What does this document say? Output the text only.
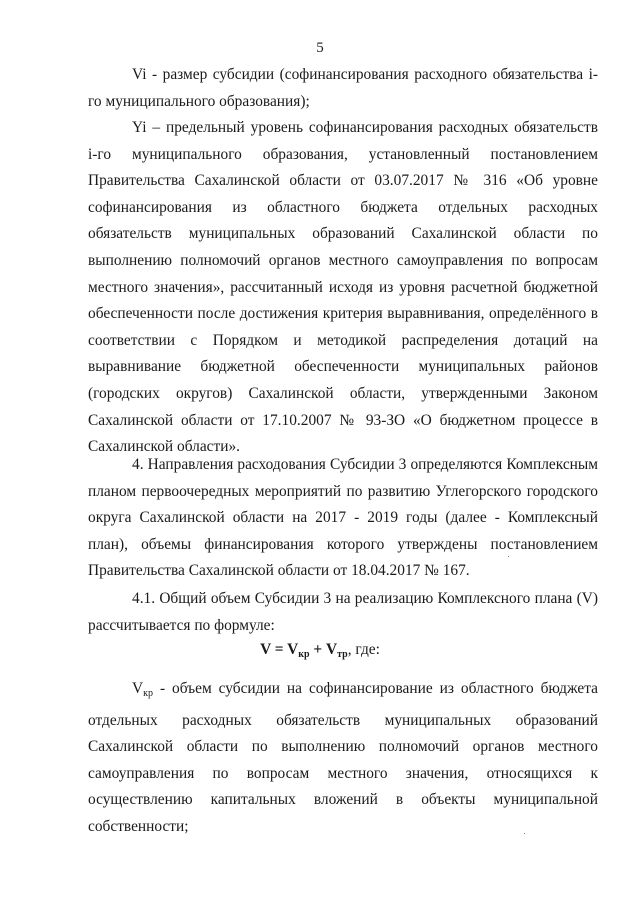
5

Vi - размер субсидии (софинансирования расходного обязательства i-го муниципального образования);

Yi – предельный уровень софинансирования расходных обязательств i-го муниципального образования, установленный постановлением Правительства Сахалинской области от 03.07.2017 № 316 «Об уровне софинансирования из областного бюджета отдельных расходных обязательств муниципальных образований Сахалинской области по выполнению полномочий органов местного самоуправления по вопросам местного значения», рассчитанный исходя из уровня расчетной бюджетной обеспеченности после достижения критерия выравнивания, определённого в соответствии с Порядком и методикой распределения дотаций на выравнивание бюджетной обеспеченности муниципальных районов (городских округов) Сахалинской области, утвержденными Законом Сахалинской области от 17.10.2007 № 93-ЗО «О бюджетном процессе в Сахалинской области».

4. Направления расходования Субсидии 3 определяются Комплексным планом первоочередных мероприятий по развитию Углегорского городского округа Сахалинской области на 2017 - 2019 годы (далее - Комплексный план), объемы финансирования которого утверждены постановлением Правительства Сахалинской области от 18.04.2017 № 167.

4.1. Общий объем Субсидии 3 на реализацию Комплексного плана (V) рассчитывается по формуле:

$V = V_{кр} + V_{тр}$, где:

$V_{кр}$ - объем субсидии на софинансирование из областного бюджета отдельных расходных обязательств муниципальных образований Сахалинской области по выполнению полномочий органов местного самоуправления по вопросам местного значения, относящихся к осуществлению капитальных вложений в объекты муниципальной собственности;
